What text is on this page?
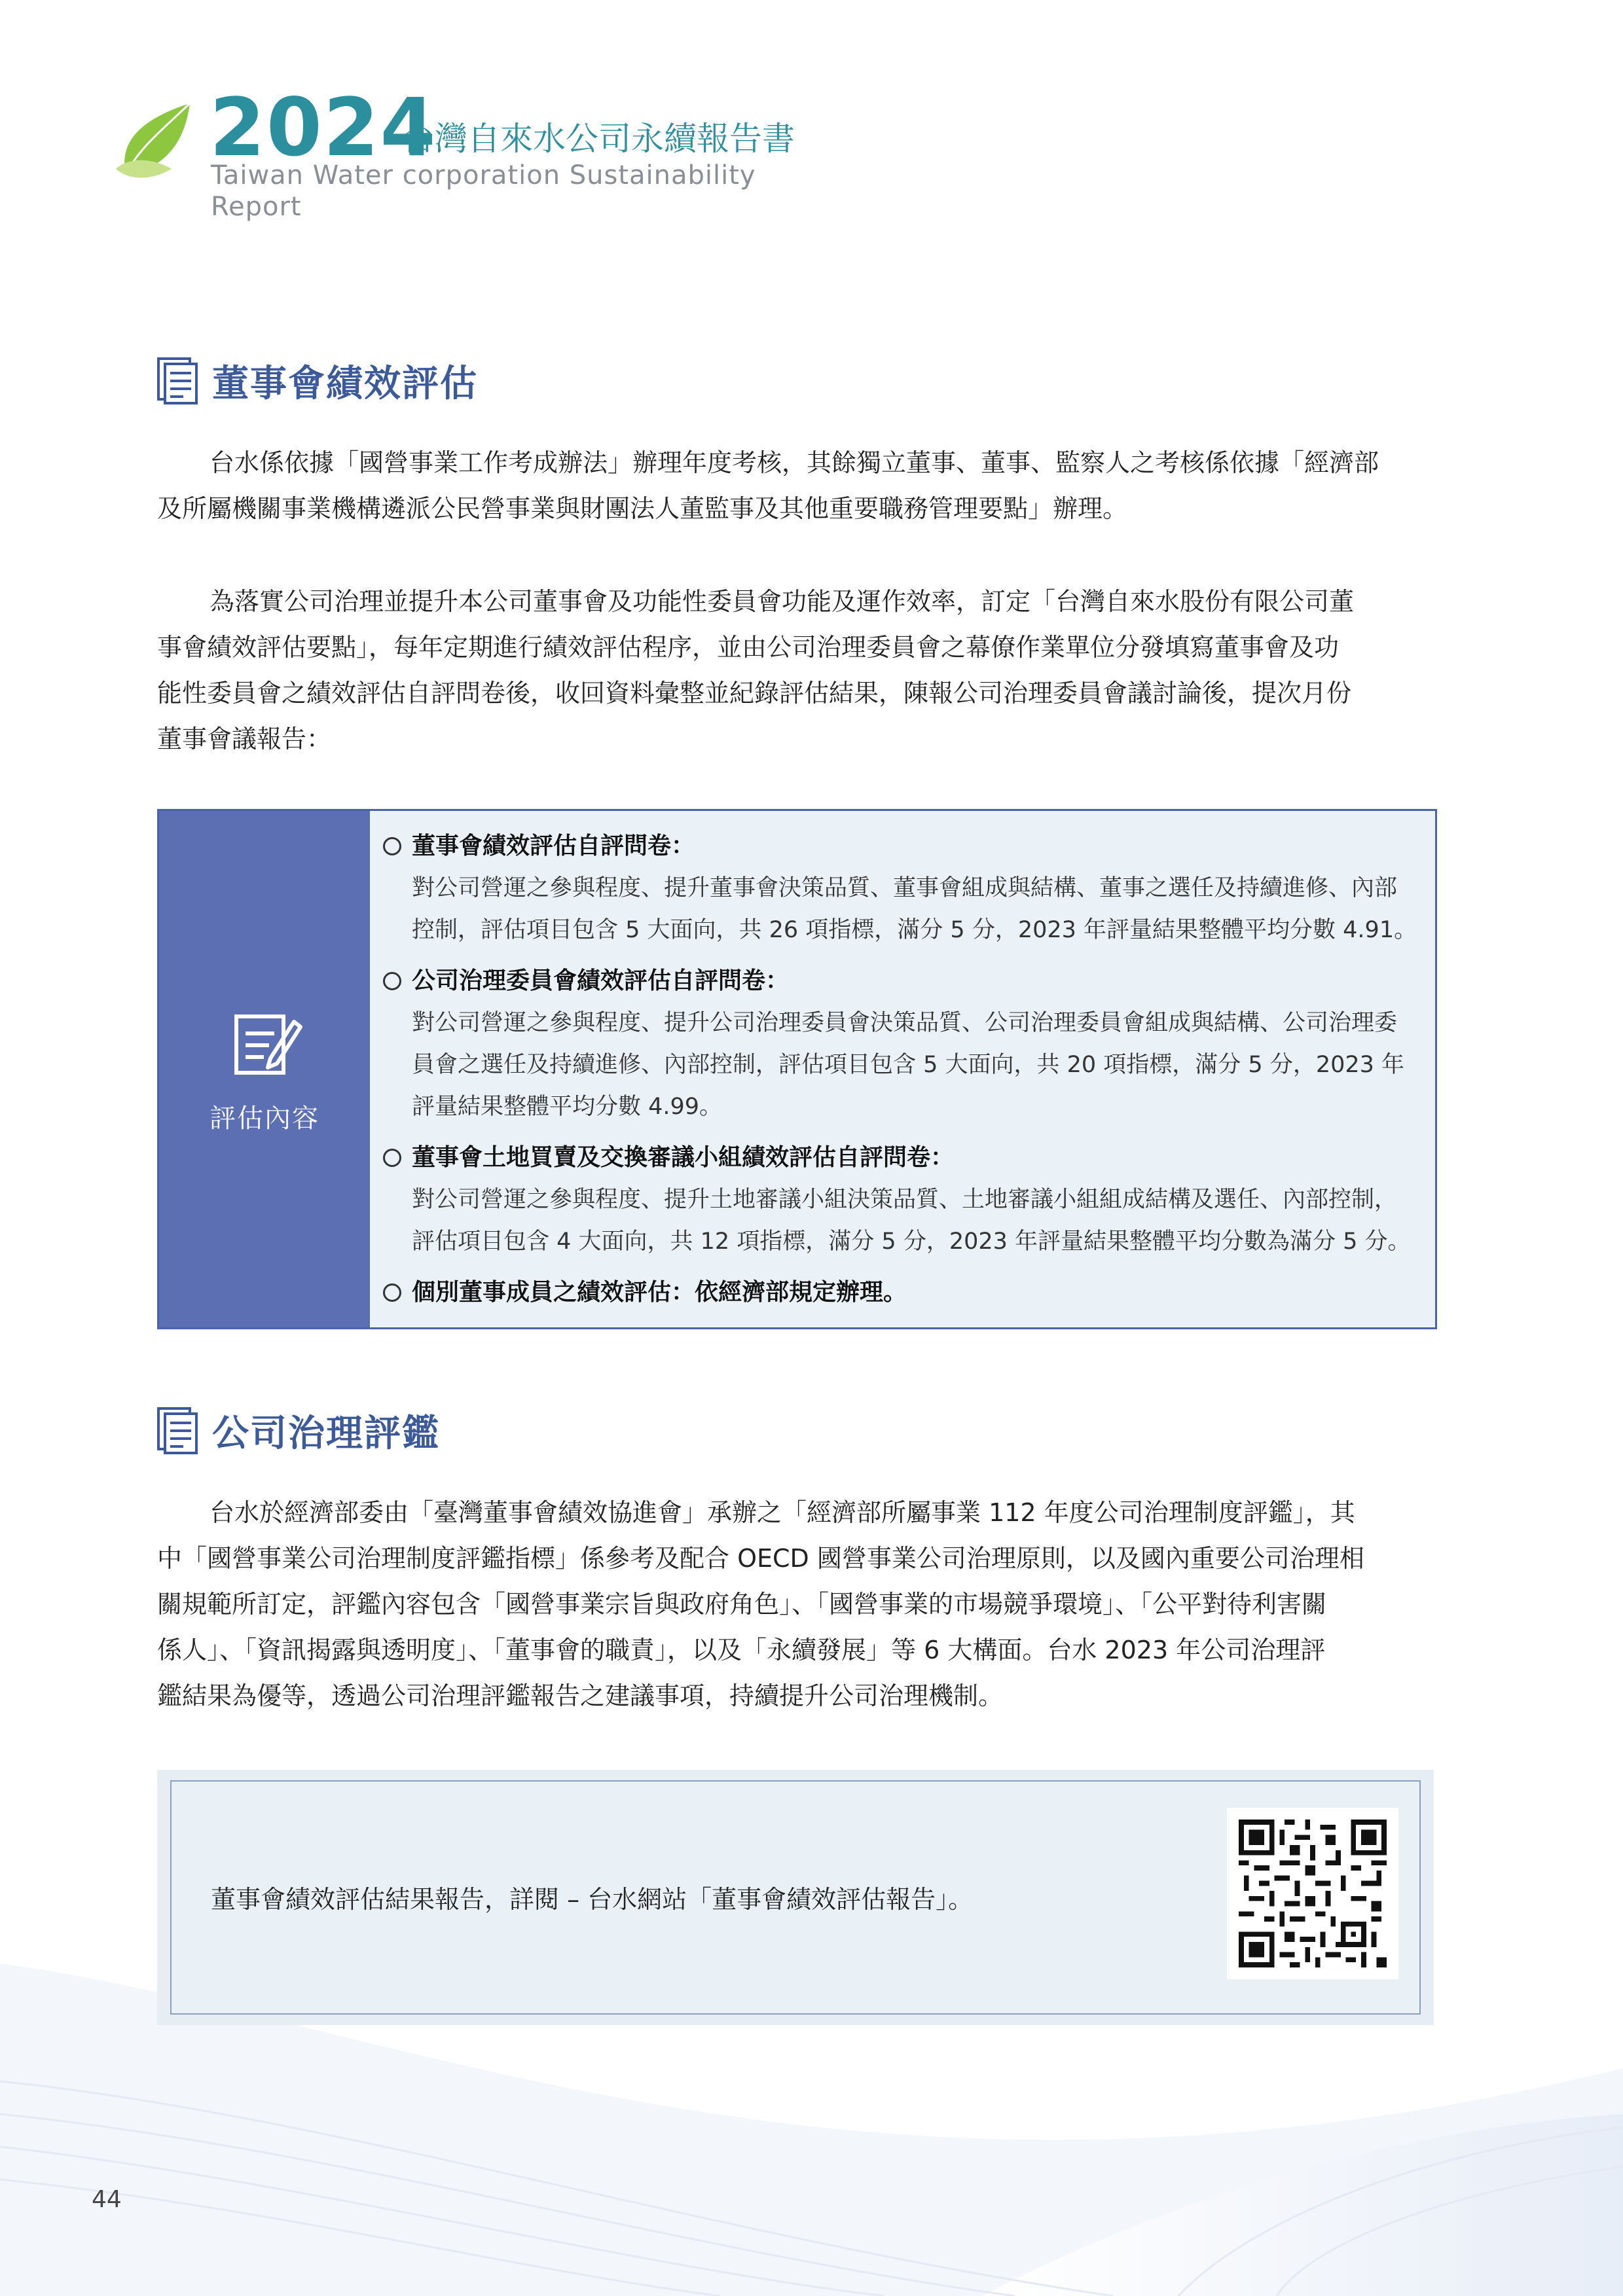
2024
台灣自來水公司永續報告書
Taiwan Water corporation Sustainability Report
董事會績效評估
台水係依據「國營事業工作考成辦法」辦理年度考核，其餘獨立董事、董事、監察人之考核係依據「經濟部
及所屬機關事業機構遴派公民營事業與財團法人董監事及其他重要職務管理要點」辦理。
為落實公司治理並提升本公司董事會及功能性委員會功能及運作效率，訂定「台灣自來水股份有限公司董
事會績效評估要點」，每年定期進行績效評估程序，並由公司治理委員會之幕僚作業單位分發填寫董事會及功
能性委員會之績效評估自評問卷後，收回資料彙整並紀錄評估結果，陳報公司治理委員會議討論後，提次月份
董事會議報告：
評估內容
董事會績效評估自評問卷：
對公司營運之參與程度、提升董事會決策品質、董事會組成與結構、董事之選任及持續進修、內部
控制，評估項目包含 5 大面向，共 26 項指標，滿分 5 分，2023 年評量結果整體平均分數 4.91。
公司治理委員會績效評估自評問卷：
對公司營運之參與程度、提升公司治理委員會決策品質、公司治理委員會組成與結構、公司治理委
員會之選任及持續進修、內部控制，評估項目包含 5 大面向，共 20 項指標，滿分 5 分，2023 年
評量結果整體平均分數 4.99。
董事會土地買賣及交換審議小組績效評估自評問卷：
對公司營運之參與程度、提升土地審議小組決策品質、土地審議小組組成結構及選任、內部控制，
評估項目包含 4 大面向，共 12 項指標，滿分 5 分，2023 年評量結果整體平均分數為滿分 5 分。
個別董事成員之績效評估：依經濟部規定辦理。
公司治理評鑑
台水於經濟部委由「臺灣董事會績效協進會」承辦之「經濟部所屬事業 112 年度公司治理制度評鑑」，其
中「國營事業公司治理制度評鑑指標」係參考及配合 OECD 國營事業公司治理原則，以及國內重要公司治理相
關規範所訂定，評鑑內容包含「國營事業宗旨與政府角色」、「國營事業的市場競爭環境」、「公平對待利害關
係人」、「資訊揭露與透明度」、「董事會的職責」，以及「永續發展」等 6 大構面。台水 2023 年公司治理評
鑑結果為優等，透過公司治理評鑑報告之建議事項，持續提升公司治理機制。
董事會績效評估結果報告，詳閱 – 台水網站「董事會績效評估報告」。
44
